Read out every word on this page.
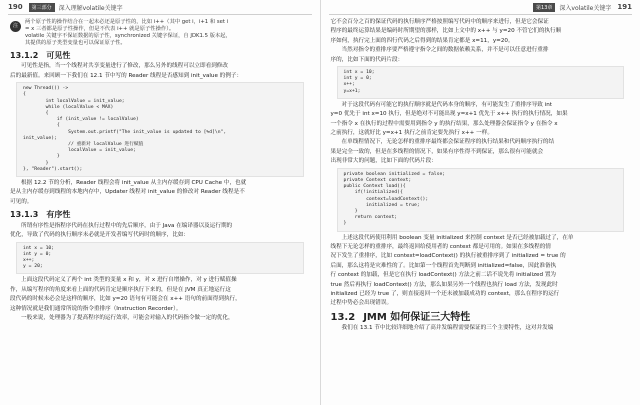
190	第三部分	深入理解volatile关键字
注
两个原子性的操作结合在一起未必还是原子性的，比如 i++（其中 get i，i+1 和 set i
= x 三者都是原子性操作，但是不代表 i++ 就是原子性操作）。
volatile 关键字不保证数据的原子性，synchronized 关键字保证，自 JDK1.5 版本起，
其提供的原子类型变量也可以保证原子性。
13.1.2 可见性
可见性是指，当一个线程对共享变量进行了修改，那么另外的线程可以立即看到修改
后的最新值。来回顾一下我们在 12.1 节中写的 Reader 线程是否感知到 init_value 的例子：
new Thread(() ->
{
int localValue = init_value;
while (localValue < MAX)
{
if (init_value != localValue)
{
System.out.printf("The init_value is updated to [%d]\n",
init_value);
// 重新对 localValue 进行赋值
localValue = init_value;
}
}
}, "Reader").start();
根据 12.2 节的分析，Reader 线程会将 init_value 从主内存缓存到 CPU Cache 中，也就
是从主内存缓存到线程的本地内存中，Updater 线程对 init_value 的修改对 Reader 线程是不
可见的。
13.1.3 有序性
所谓有序性是指程序代码在执行过程中的先后顺序，由于 Java 在编译器以及运行期的
优化，导致了代码的执行顺序未必就是开发者编写代码时的顺序，比如：
int x = 10;
int y = 0;
x++;
y = 20;
上面这段代码定义了两个 int 类型的变量 x 和 y，对 x 进行自增操作，对 y 进行赋值操
作，从编写程序的角度来看上面的代码肯定是顺序执行下来的，但是在 JVM 真正地运行这
段代码的时候未必会是这样的顺序，比如 y=20 语句有可能会在 x++ 语句的前面得到执行，
这种情况就是我们通常所说的指令重排序（Instruction Recorder）。
一般来说，处理器为了提高程序的运行效率，可能会对输入的代码指令做一定的优化，
第13章	深入volatile关键字 191
它不会百分之百的保证代码的执行顺序严格按照编写代码中的顺序来进行，但是它会保证
程序的最终运算结果是编码时所期望的那样，比如上文中的 x++ 与 y=20 不管它们的执行顺
序如何，执行完上面的四行代码之后得到的结果肯定都是 x=11，y=20。
当然对指令的重排序要严格遵守指令之间的数据依赖关系，并不是可以任意进行重排
序的，比如下面的代码片段：
int x = 10;
int y = 0;
x++;
y=x+1;
对于这段代码有可能它的执行顺序就是代码本身的顺序，有可能发生了重排序导致 int
y=0 优先于 int x=10 执行，但是绝对不可能出现 y=x+1 优先于 x++ 执行的执行情况，如果
一个指令 x 在执行的过程中需要用到指令 y 的执行结果，那么处理器会保证指令 y 在指令 x
之前执行，这就好比 y=x+1 执行之前肯定要先执行 x++ 一样。
在单线程情况下，无论怎样的重排序最终都会保证程序的执行结果和代码顺序执行的结
果是完全一致的，但是在多线程的情况下，如果有序性得不到保证，那么很有可能就会
出现非常大的问题，比如下面的代码片段：
private boolean initialized = false;
private Context context;
public Context load(){
if(!initialized){
context=loadContext();
initialized = true;
}
return context;
}
上述这段代码使用利用 boolean 变量 initialized 来控制 context 是否已经被加载过了，在单
线程下无论怎样的重排序，最终返回给使用者的 context 都是可用的。如果在多线程的情
况下发生了重排序，比如 context=loadContext() 的执行被重排序到了 initialized = true 的
后面，那么这将是灾难性的了。比如第一个线程首先判断到 initialized=false，因此准备执
行 context 的加载，但是它在执行 loadContext() 方法之前二话不说先将 initialized 置为
true 然后再执行 loadContext() 方法，那么如果另外一个线程也执行 load 方法，发现此时
initialized 已经为 true 了，则直接返回一个还未被加载成功的 context，那么在程序的运行
过程中势必会出现错误。
13.2 JMM 如何保证三大特性
我们在 13.1 节中比较详细地介绍了高并发编程需要保证的三个主要特性，这对并发编
